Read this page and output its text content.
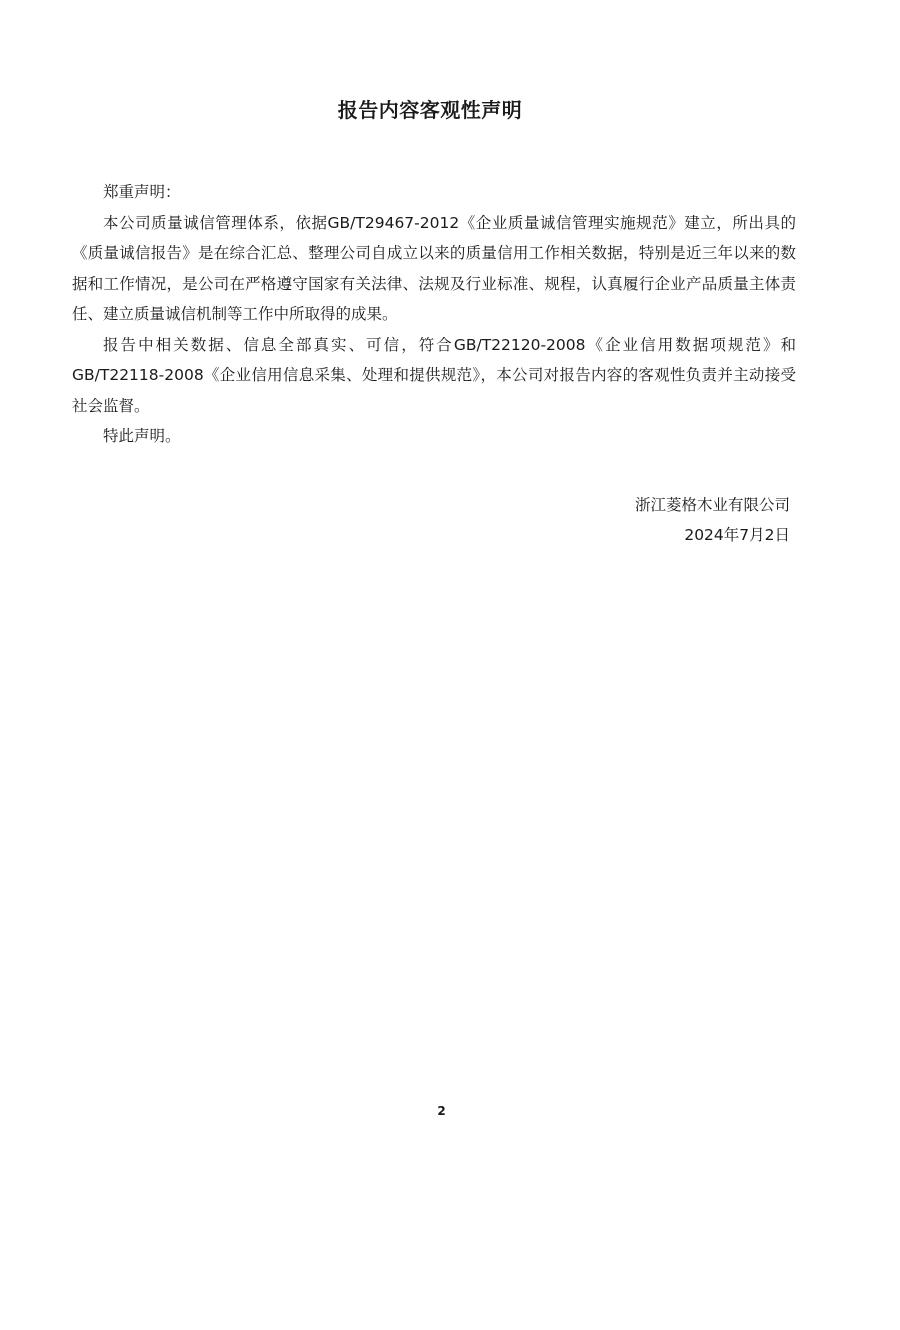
报告内容客观性声明

郑重声明：

本公司质量诚信管理体系，依据GB/T29467-2012《企业质量诚信管理实施规范》建立，所出具的《质量诚信报告》是在综合汇总、整理公司自成立以来的质量信用工作相关数据，特别是近三年以来的数据和工作情况，是公司在严格遵守国家有关法律、法规及行业标准、规程，认真履行企业产品质量主体责任、建立质量诚信机制等工作中所取得的成果。

报告中相关数据、信息全部真实、可信，符合GB/T22120-2008《企业信用数据项规范》和GB/T22118-2008《企业信用信息采集、处理和提供规范》，本公司对报告内容的客观性负责并主动接受社会监督。

特此声明。

浙江菱格木业有限公司
2024年7月2日
2
